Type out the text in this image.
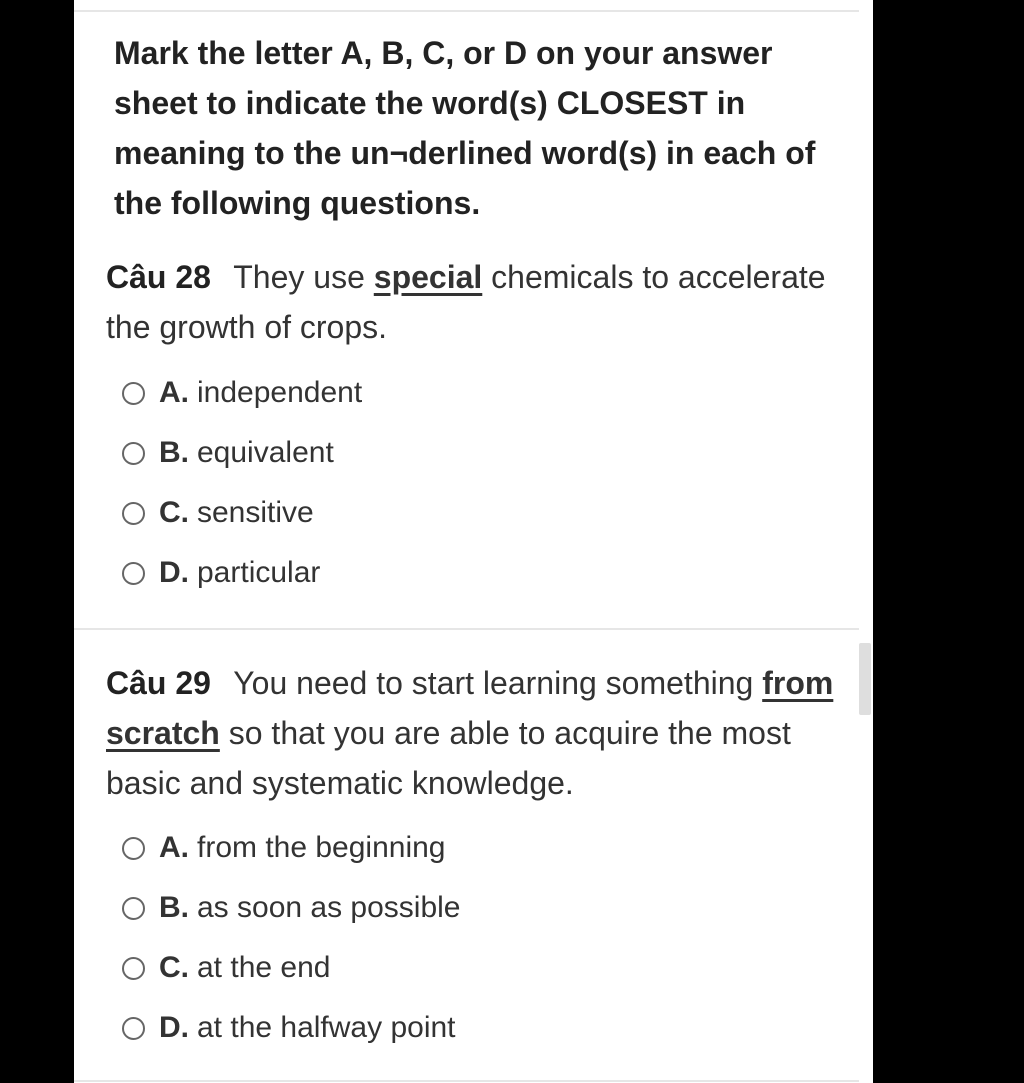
Mark the letter A, B, C, or D on your answer sheet to indicate the word(s) CLOSEST in meaning to the un¬derlined word(s) in each of the following questions.
Câu 28 They use special chemicals to accelerate the growth of crops.
A. independent
B. equivalent
C. sensitive
D. particular
Câu 29 You need to start learning something from scratch so that you are able to acquire the most basic and systematic knowledge.
A. from the beginning
B. as soon as possible
C. at the end
D. at the halfway point
